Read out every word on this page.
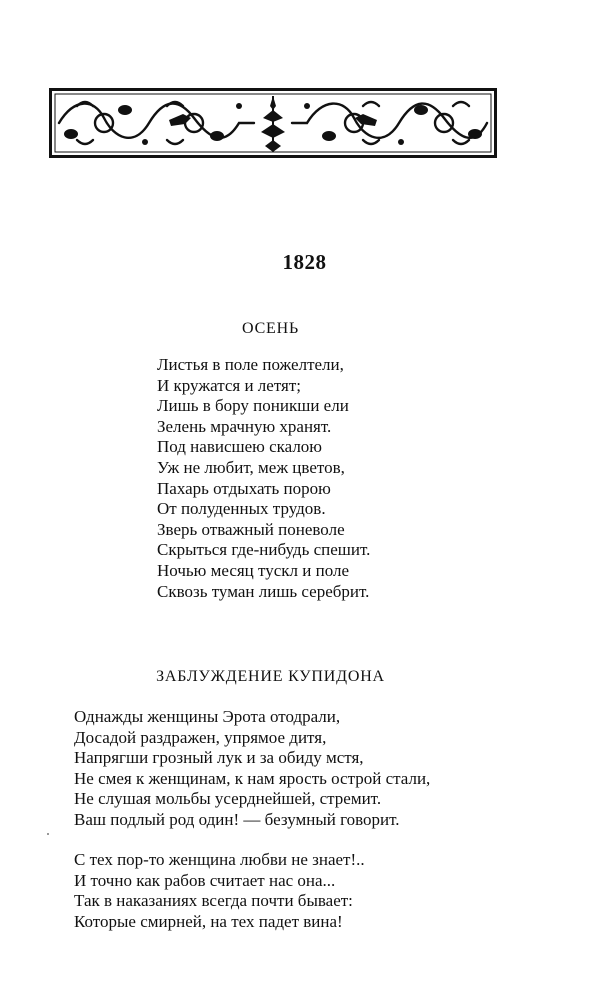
1828
ОСЕНЬ
Листья в поле пожелтели,
И кружатся и летят;
Лишь в бору поникши ели
Зелень мрачную хранят.
Под нависшею скалою
Уж не любит, меж цветов,
Пахарь отдыхать порою
От полуденных трудов.
Зверь отважный поневоле
Скрыться где-нибудь спешит.
Ночью месяц тускл и поле
Сквозь туман лишь серебрит.
ЗАБЛУЖДЕНИЕ КУПИДОНА
Однажды женщины Эрота отодрали,
Досадой раздражен, упрямое дитя,
Напрягши грозный лук и за обиду мстя,
Не смея к женщинам, к нам ярость острой стали,
Не слушая мольбы усерднейшей, стремит.
Ваш подлый род один! — безумный говорит.
С тех пор-то женщина любви не знает!..
И точно как рабов считает нас она...
Так в наказаниях всегда почти бывает:
Которые смирней, на тех падет вина!
